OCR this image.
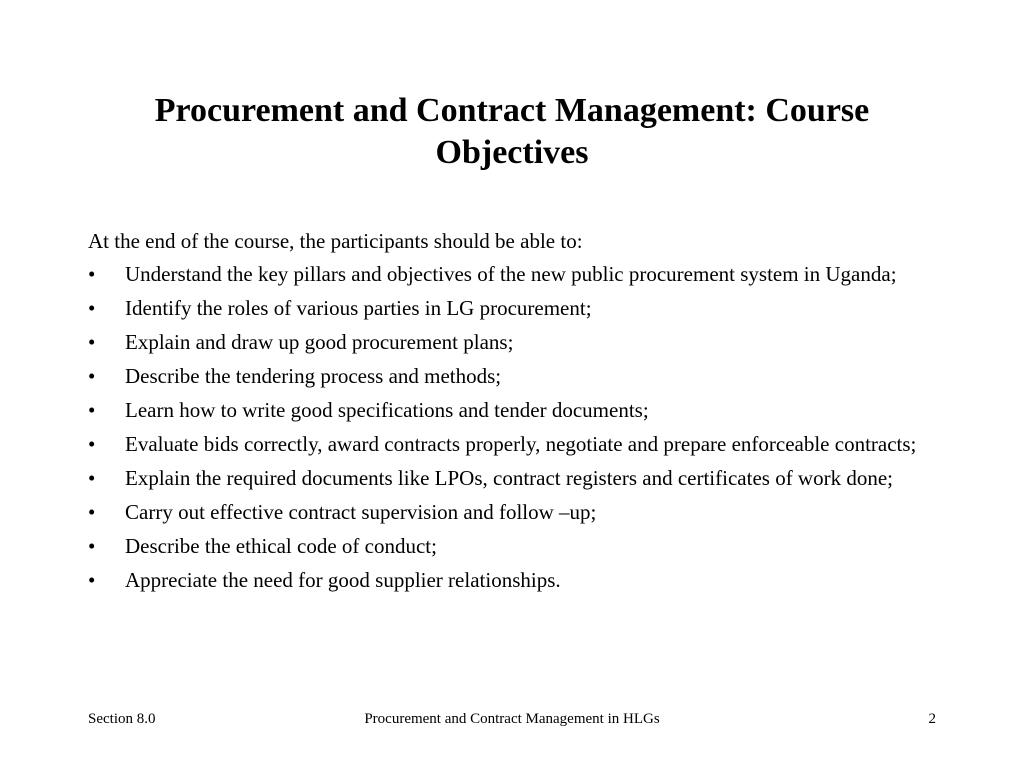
Procurement and Contract Management: Course Objectives

At the end of the course, the participants should be able to:

• Understand the key pillars and objectives of the new public procurement system in Uganda;
• Identify the roles of various parties in LG procurement;
• Explain and draw up good procurement plans;
• Describe the tendering process and methods;
• Learn how to write good specifications and tender documents;
• Evaluate bids correctly, award contracts properly, negotiate and prepare enforceable contracts;
• Explain the required documents like LPOs, contract registers and certificates of work done;
• Carry out effective contract supervision and follow –up;
• Describe the ethical code of conduct;
• Appreciate the need for good supplier relationships.
Section 8.0	Procurement and Contract Management in HLGs	2
